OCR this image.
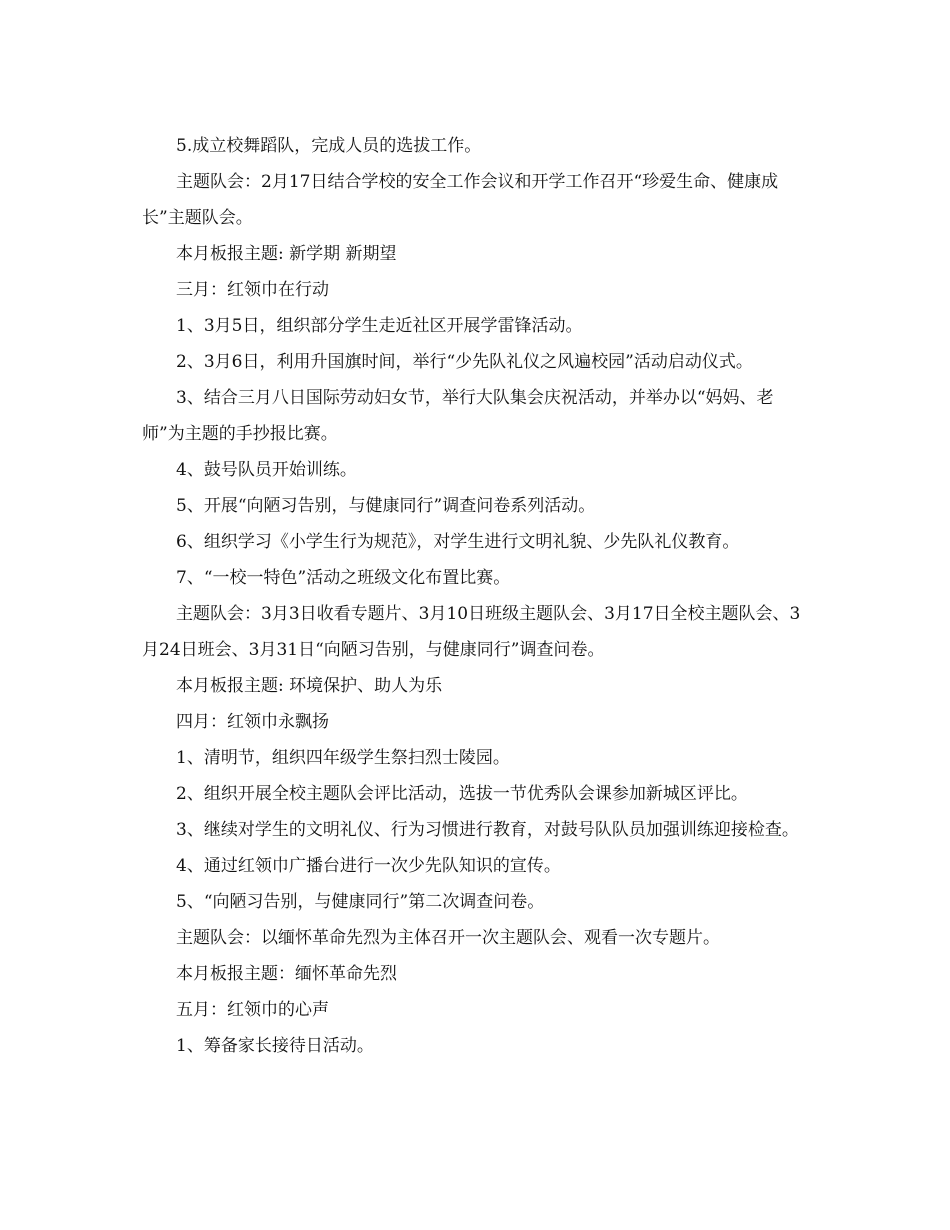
5.成立校舞蹈队，完成人员的选拔工作。

主题队会：2月17日结合学校的安全工作会议和开学工作召开“珍爱生命、健康成长”主题队会。

本月板报主题: 新学期 新期望

三月：红领巾在行动

1、3月5日，组织部分学生走近社区开展学雷锋活动。

2、3月6日，利用升国旗时间，举行“少先队礼仪之风遍校园”活动启动仪式。

3、结合三月八日国际劳动妇女节，举行大队集会庆祝活动，并举办以“妈妈、老师”为主题的手抄报比赛。

4、鼓号队员开始训练。

5、开展“向陋习告别，与健康同行”调查问卷系列活动。

6、组织学习《小学生行为规范》，对学生进行文明礼貌、少先队礼仪教育。

7、“一校一特色”活动之班级文化布置比赛。

主题队会：3月3日收看专题片、3月10日班级主题队会、3月17日全校主题队会、3月24日班会、3月31日“向陋习告别，与健康同行”调查问卷。

本月板报主题: 环境保护、助人为乐

四月：红领巾永飘扬

1、清明节，组织四年级学生祭扫烈士陵园。

2、组织开展全校主题队会评比活动，选拔一节优秀队会课参加新城区评比。

3、继续对学生的文明礼仪、行为习惯进行教育，对鼓号队队员加强训练迎接检查。

4、通过红领巾广播台进行一次少先队知识的宣传。

5、“向陋习告别，与健康同行”第二次调查问卷。

主题队会：以缅怀革命先烈为主体召开一次主题队会、观看一次专题片。

本月板报主题：缅怀革命先烈

五月：红领巾的心声

1、筹备家长接待日活动。
